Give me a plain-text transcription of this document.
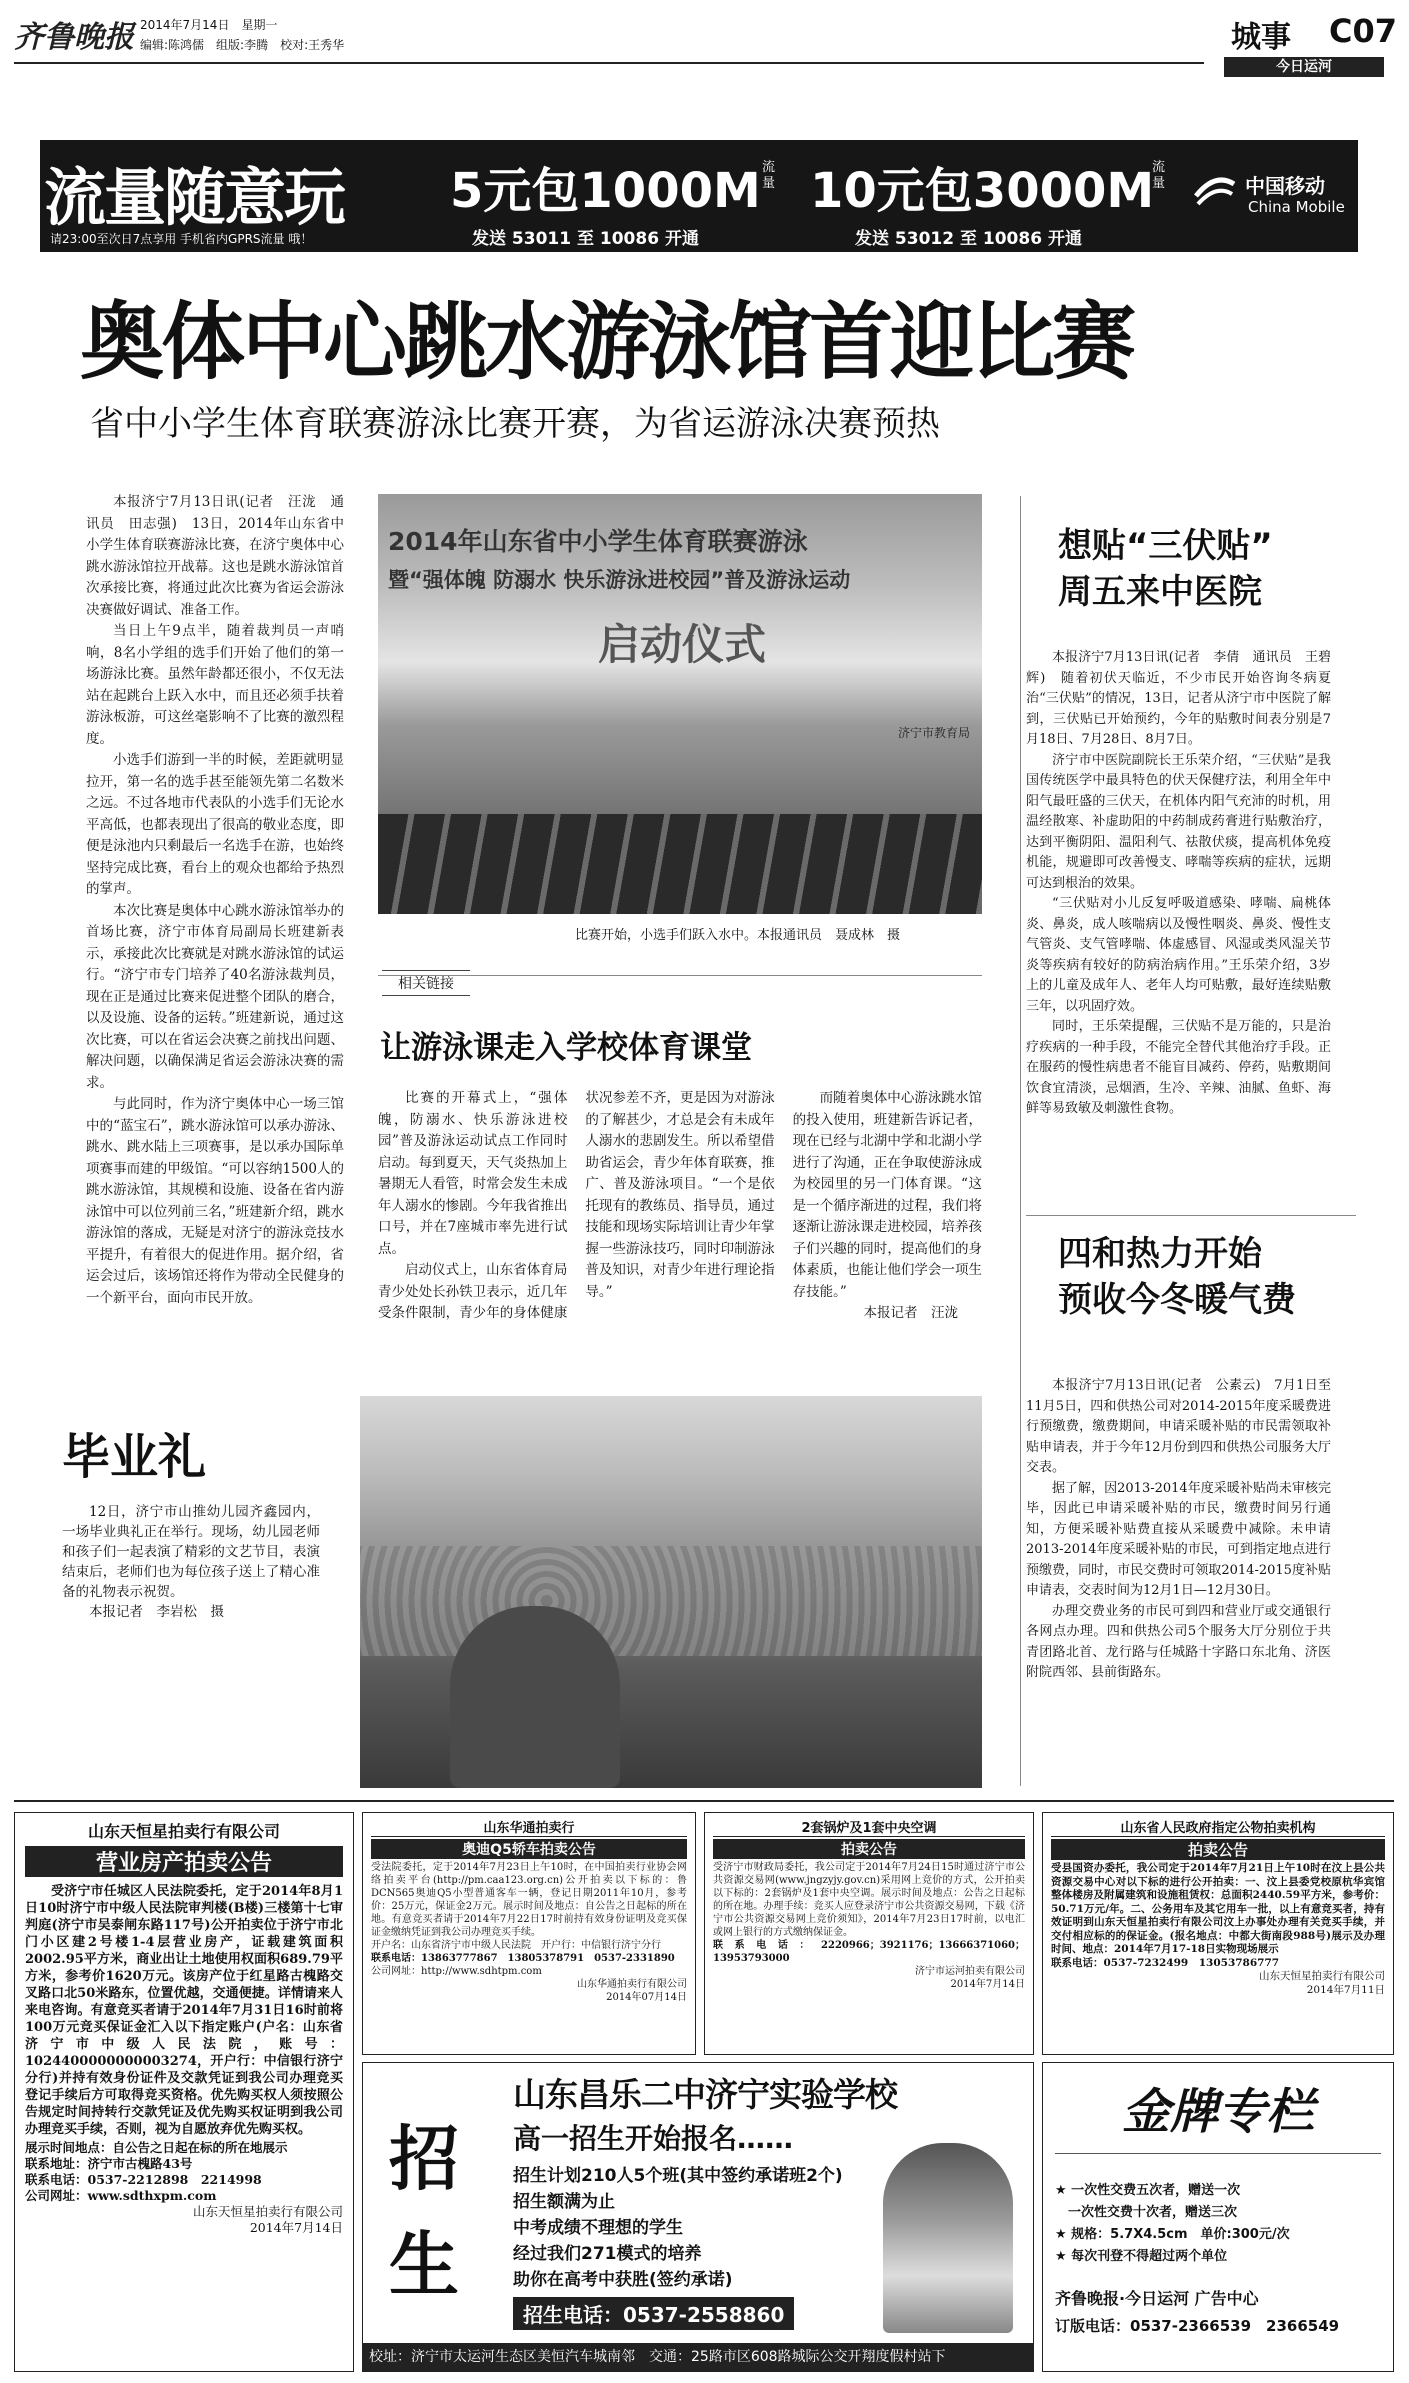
齐鲁晚报 2014年7月14日　星期一
编辑:陈鸿儒　组版:李腾　校对:王秀华	城事 C07
今日运河
流量随意玩
请23:00至次日7点享用 手机省内GPRS流量 哦！
5元包1000M 流量
发送 53011 至 10086 开通
10元包3000M
流量
发送 53012 至 10086 开通
中国移动
China Mobile
奥体中心跳水游泳馆首迎比赛
省中小学生体育联赛游泳比赛开赛，为省运游泳决赛预热

本报济宁7月13日讯(记者　汪泷　通讯员　田志强)　13日，2014年山东省中小学生体育联赛游泳比赛，在济宁奥体中心跳水游泳馆拉开战幕。这也是跳水游泳馆首次承接比赛，将通过此次比赛为省运会游泳决赛做好调试、准备工作。

当日上午9点半，随着裁判员一声哨响，8名小学组的选手们开始了他们的第一场游泳比赛。虽然年龄都还很小，不仅无法站在起跳台上跃入水中，而且还必须手扶着游泳板游，可这丝毫影响不了比赛的激烈程度。

小选手们游到一半的时候，差距就明显拉开，第一名的选手甚至能领先第二名数米之远。不过各地市代表队的小选手们无论水平高低，也都表现出了很高的敬业态度，即便是泳池内只剩最后一名选手在游，也始终坚持完成比赛，看台上的观众也都给予热烈的掌声。

本次比赛是奥体中心跳水游泳馆举办的首场比赛，济宁市体育局副局长班建新表示，承接此次比赛就是对跳水游泳馆的试运行。“济宁市专门培养了40名游泳裁判员，现在正是通过比赛来促进整个团队的磨合，以及设施、设备的运转。”班建新说，通过这次比赛，可以在省运会决赛之前找出问题、解决问题，以确保满足省运会游泳决赛的需求。

与此同时，作为济宁奥体中心一场三馆中的“蓝宝石”，跳水游泳馆可以承办游泳、跳水、跳水陆上三项赛事，是以承办国际单项赛事而建的甲级馆。“可以容纳1500人的跳水游泳馆，其规模和设施、设备在省内游泳馆中可以位列前三名，”班建新介绍，跳水游泳馆的落成，无疑是对济宁的游泳竞技水平提升，有着很大的促进作用。据介绍，省运会过后，该场馆还将作为带动全民健身的一个新平台，面向市民开放。

2014年山东省中小学生体育联赛游泳
暨“强体魄 防溺水 快乐游泳进校园”普及游泳运动
启动仪式
济宁市教育局
比赛开始，小选手们跃入水中。本报通讯员　聂成林　摄
相关链接
让游泳课走入学校体育课堂

比赛的开幕式上，“强体魄，防溺水、快乐游泳进校园”普及游泳运动试点工作同时启动。每到夏天，天气炎热加上暑期无人看管，时常会发生未成年人溺水的惨剧。今年我省推出口号，并在7座城市率先进行试点。

启动仪式上，山东省体育局青少处处长孙铁卫表示，近几年受条件限制，青少年的身体健康状况参差不齐，更是因为对游泳的了解甚少，才总是会有未成年人溺水的悲剧发生。所以希望借助省运会，青少年体育联赛，推广、普及游泳项目。“一个是依托现有的教练员、指导员，通过技能和现场实际培训让青少年掌握一些游泳技巧，同时印制游泳普及知识，对青少年进行理论指导。”

而随着奥体中心游泳跳水馆的投入使用，班建新告诉记者，现在已经与北湖中学和北湖小学进行了沟通，正在争取使游泳成为校园里的另一门体育课。“这是一个循序渐进的过程，我们将逐渐让游泳课走进校园，培养孩子们兴趣的同时，提高他们的身体素质，也能让他们学会一项生存技能。”

本报记者　汪泷
想贴“三伏贴”
周五来中医院

本报济宁7月13日讯(记者　李倩　通讯员　王碧辉)　随着初伏天临近，不少市民开始咨询冬病夏治“三伏贴”的情况，13日，记者从济宁市中医院了解到，三伏贴已开始预约，今年的贴敷时间表分别是7月18日、7月28日、8月7日。

济宁市中医院副院长王乐荣介绍，“三伏贴”是我国传统医学中最具特色的伏天保健疗法，利用全年中阳气最旺盛的三伏天，在机体内阳气充沛的时机，用温经散寒、补虚助阳的中药制成药膏进行贴敷治疗，达到平衡阴阳、温阳利气、祛散伏痰，提高机体免疫机能，规避即可改善慢支、哮喘等疾病的症状，远期可达到根治的效果。

“三伏贴对小儿反复呼吸道感染、哮喘、扁桃体炎、鼻炎，成人咳喘病以及慢性咽炎、鼻炎、慢性支气管炎、支气管哮喘、体虚感冒、风湿或类风湿关节炎等疾病有较好的防病治病作用。”王乐荣介绍，3岁上的儿童及成年人、老年人均可贴敷，最好连续贴敷三年，以巩固疗效。

同时，王乐荣提醒，三伏贴不是万能的，只是治疗疾病的一种手段，不能完全替代其他治疗手段。正在服药的慢性病患者不能盲目减药、停药，贴敷期间饮食宜清淡，忌烟酒，生冷、辛辣、油腻、鱼虾、海鲜等易致敏及刺激性食物。

四和热力开始
预收今冬暖气费

本报济宁7月13日讯(记者　公素云)　7月1日至11月5日，四和供热公司对2014-2015年度采暖费进行预缴费，缴费期间，申请采暖补贴的市民需领取补贴申请表，并于今年12月份到四和供热公司服务大厅交表。

据了解，因2013-2014年度采暖补贴尚未审核完毕，因此已申请采暖补贴的市民，缴费时间另行通知，方便采暖补贴费直接从采暖费中减除。未申请2013-2014年度采暖补贴的市民，可到指定地点进行预缴费，同时，市民交费时可领取2014-2015度补贴申请表，交表时间为12月1日—12月30日。

办理交费业务的市民可到四和营业厅或交通银行各网点办理。四和供热公司5个服务大厅分别位于共青团路北首、龙行路与任城路十字路口东北角、济医附院西邻、县前街路东。

毕业礼

12日，济宁市山推幼儿园齐鑫园内，一场毕业典礼正在举行。现场，幼儿园老师和孩子们一起表演了精彩的文艺节目，表演结束后，老师们也为每位孩子送上了精心准备的礼物表示祝贺。

本报记者　李岩松　摄
山东天恒星拍卖行有限公司
营业房产拍卖公告
受济宁市任城区人民法院委托，定于2014年8月1日10时济宁市中级人民法院审判楼(B楼)三楼第十七审判庭(济宁市吴泰闸东路117号)公开拍卖位于济宁市北门小区建2号楼1-4层营业房产，证载建筑面积2002.95平方米，商业出让土地使用权面积689.79平方米，参考价1620万元。该房产位于红星路古槐路交叉路口北50米路东，位置优越，交通便捷。详情请来人来电咨询。有意竞买者请于2014年7月31日16时前将100万元竞买保证金汇入以下指定账户(户名：山东省济宁市中级人民法院，账号：1024400000000003274，开户行：中信银行济宁分行)并持有效身份证件及交款凭证到我公司办理竞买登记手续后方可取得竞买资格。优先购买权人须按照公告规定时间持转行交款凭证及优先购买权证明到我公司办理竞买手续，否则，视为自愿放弃优先购买权。
展示时间地点：自公告之日起在标的所在地展示
联系地址：济宁市古槐路43号
联系电话：0537-2212898　2214998
公司网址：www.sdthxpm.com
山东天恒星拍卖行有限公司
2014年7月14日
山东华通拍卖行
奥迪Q5轿车拍卖公告
受法院委托，定于2014年7月23日上午10时，在中国拍卖行业协会网络拍卖平台(http://pm.caa123.org.cn)公开拍卖以下标的：鲁DCN565奥迪Q5小型普通客车一辆，登记日期2011年10月，参考价：25万元，保证金2万元。展示时间及地点：自公告之日起标的所在地。有意竞买者请于2014年7月22日17时前持有效身份证明及竞买保证金缴纳凭证到我公司办理竞买手续。
开户名：山东省济宁市中级人民法院　开户行：中信银行济宁分行
联系电话：13863777867　13805378791　0537-2331890
公司网址：http://www.sdhtpm.com
山东华通拍卖行有限公司
2014年07月14日
2套锅炉及1套中央空调
拍卖公告
受济宁市财政局委托，我公司定于2014年7月24日15时通过济宁市公共资源交易网(www.jngzyjy.gov.cn)采用网上竞价的方式，公开拍卖以下标的：2套锅炉及1套中央空调。展示时间及地点：公告之日起标的所在地。办理手续：竞买人应登录济宁市公共资源交易网，下载《济宁市公共资源交易网上竞价须知》，2014年7月23日17时前，以电汇或网上银行的方式缴纳保证金。
联系电话：2220966；3921176；13666371060；13953793000
济宁市运河拍卖有限公司
2014年7月14日
山东省人民政府指定公物拍卖机构
拍卖公告
受县国资办委托，我公司定于2014年7月21日上午10时在汶上县公共资源交易中心对以下标的进行公开拍卖：一、汶上县委党校原杭华宾馆整体楼房及附属建筑和设施租赁权：总面积2440.59平方米，参考价：50.71万元/年。二、公务用车及其它用车一批，以上有意竞买者，持有效证明到山东天恒星拍卖行有限公司汶上办事处办理有关竞买手续，并交付相应标的的保证金。(报名地点：中都大街南段988号)展示及办理时间、地点：2014年7月17-18日实物现场展示
联系电话：0537-7232499　13053786777
山东天恒星拍卖行有限公司
2014年7月11日
招
生
山东昌乐二中济宁实验学校
高一招生开始报名……
招生计划210人5个班(其中签约承诺班2个)
招生额满为止
中考成绩不理想的学生
经过我们271模式的培养
助你在高考中获胜(签约承诺)
招生电话：0537-2558860
校址：济宁市太运河生态区美恒汽车城南邻　交通：25路市区608路城际公交开翔度假村站下
金牌专栏
★ 一次性交费五次者，赠送一次
　一次性交费十次者，赠送三次
★ 规格：5.7X4.5cm　单价:300元/次
★ 每次刊登不得超过两个单位
齐鲁晚报·今日运河 广告中心
订版电话：0537-2366539　2366549
